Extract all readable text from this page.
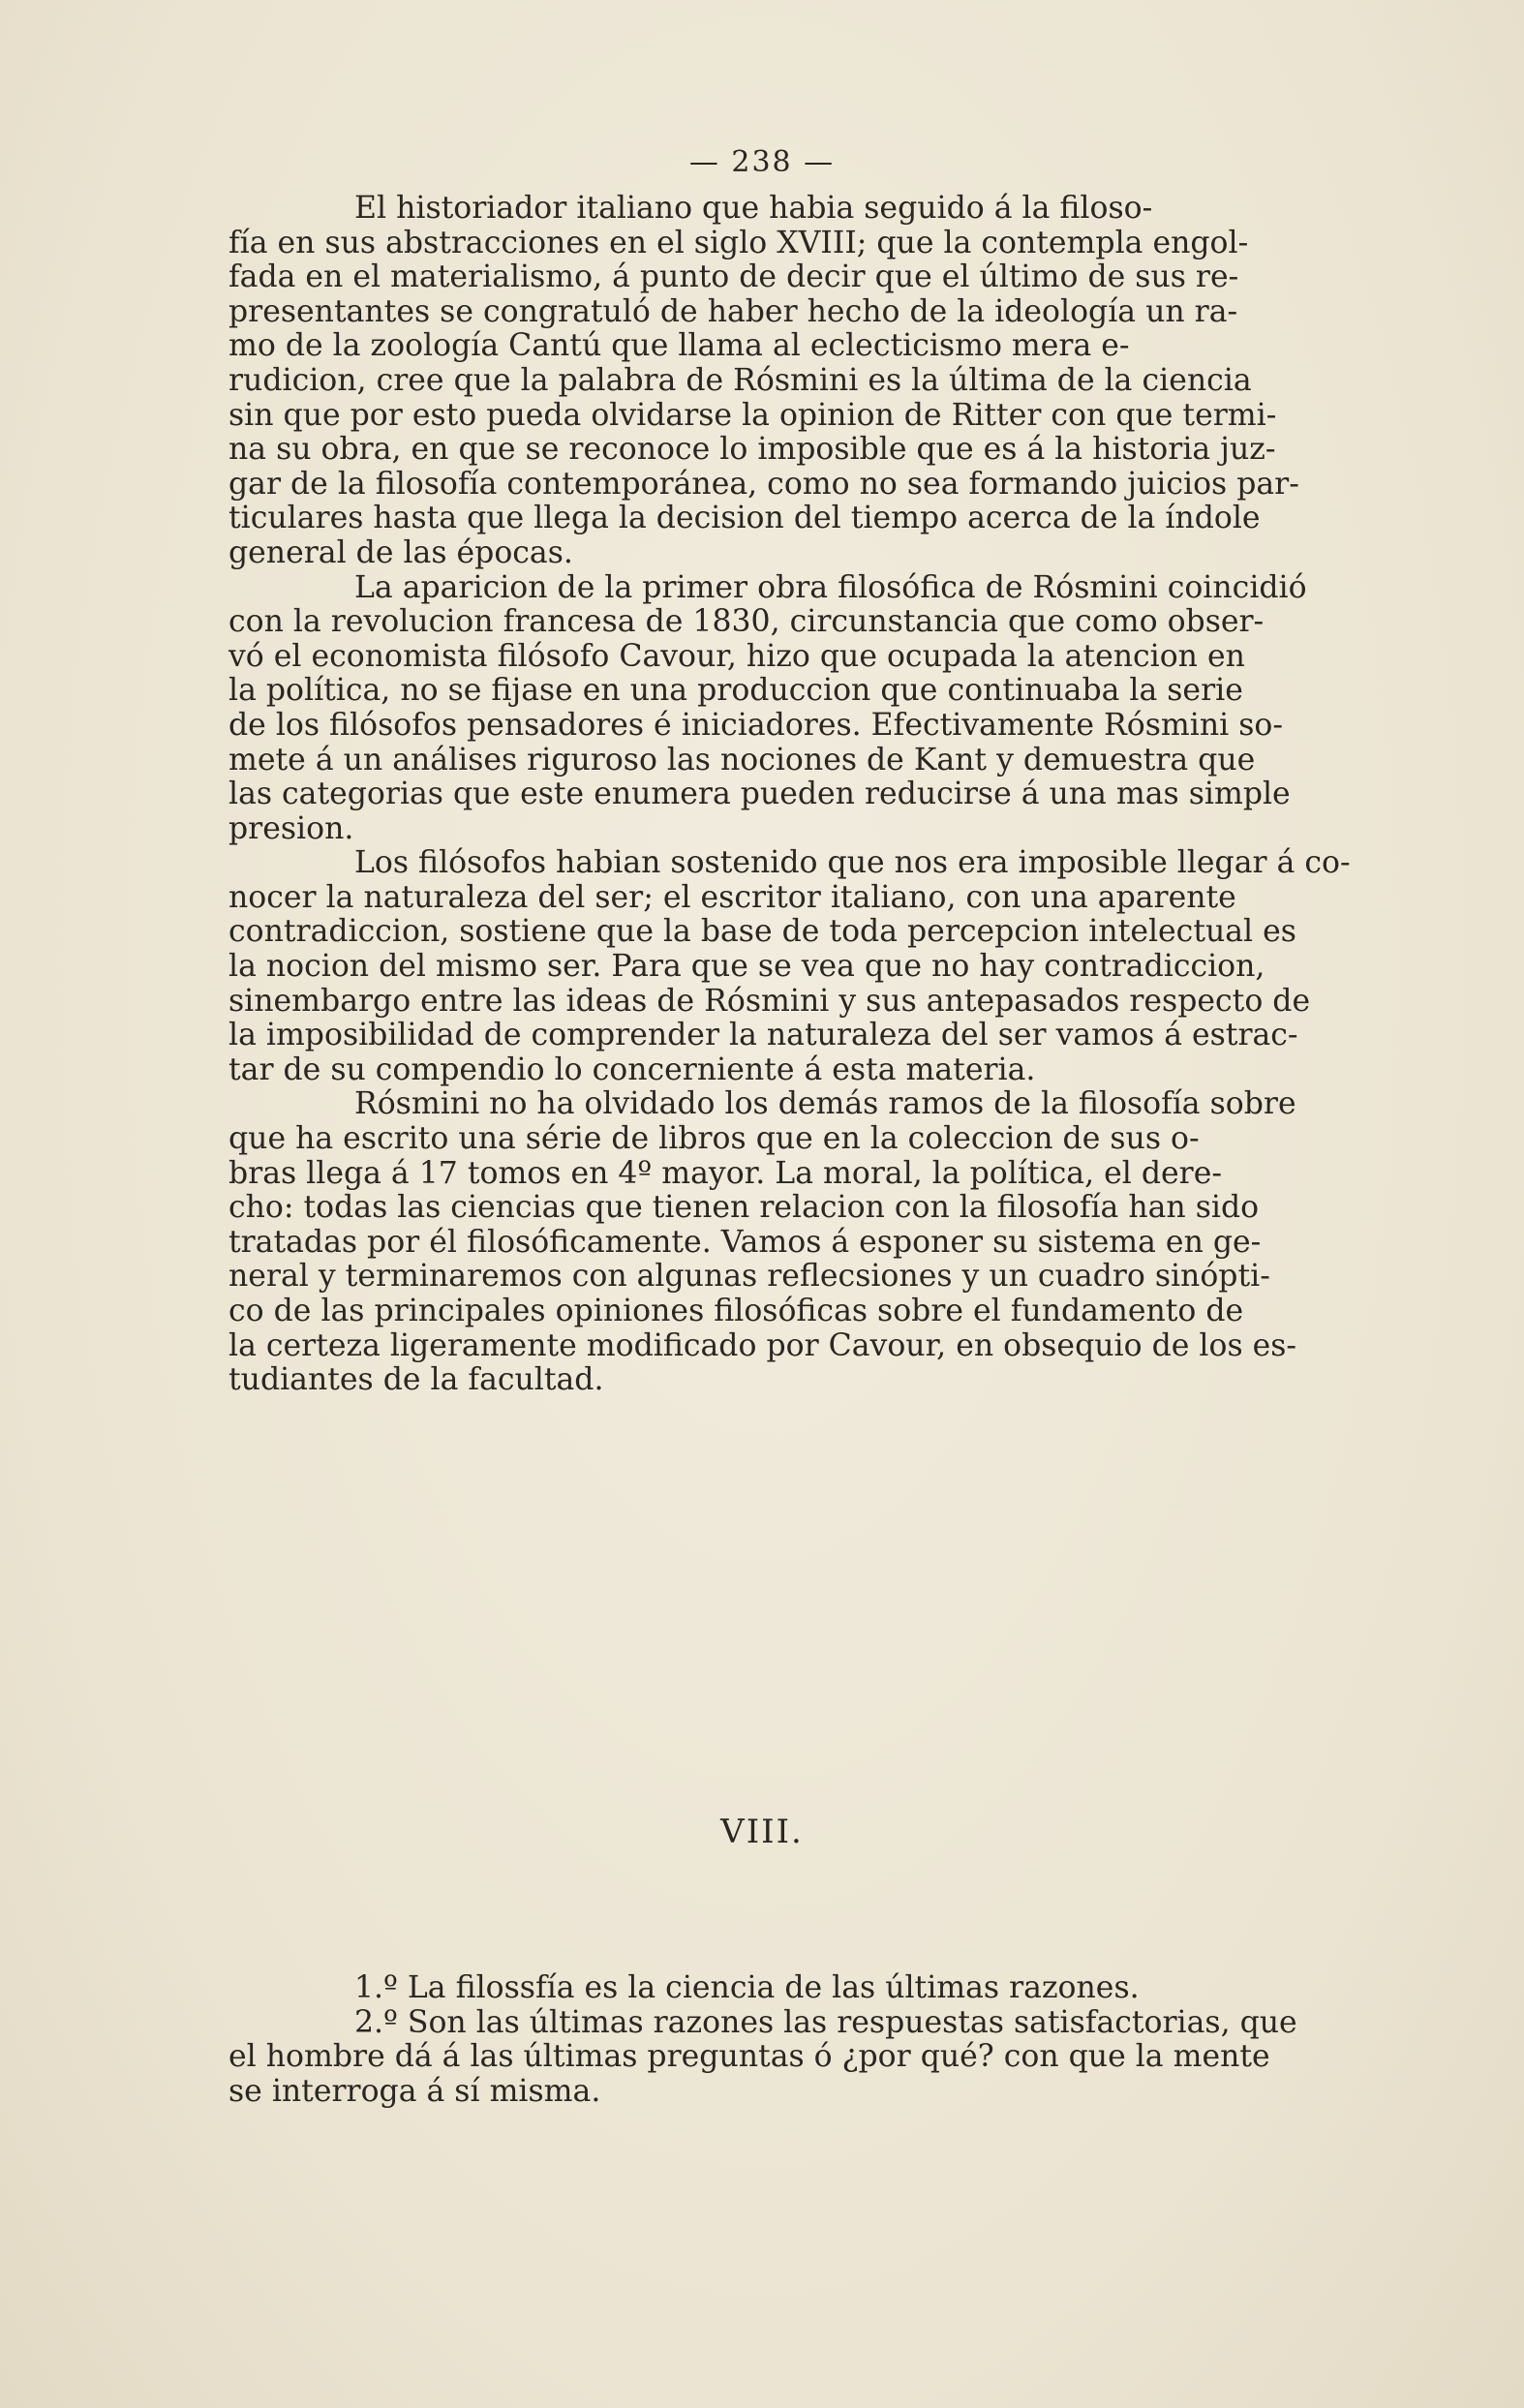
— 238 —

El historiador italiano que habia seguido á la filoso-
fía en sus abstracciones en el siglo XVIII; que la contempla engol-
fada en el materialismo, á punto de decir que el último de sus re-
presentantes se congratuló de haber hecho de la ideología un ra-
mo de la zoología Cantú que llama al eclecticismo mera e-
rudicion, cree que la palabra de Rósmini es la última de la ciencia
sin que por esto pueda olvidarse la opinion de Ritter con que termi-
na su obra, en que se reconoce lo imposible que es á la historia juz-
gar de la filosofía contemporánea, como no sea formando juicios par-
ticulares hasta que llega la decision del tiempo acerca de la índole
general de las épocas.

La aparicion de la primer obra filosófica de Rósmini coincidió
con la revolucion francesa de 1830, circunstancia que como obser-
vó el economista filósofo Cavour, hizo que ocupada la atencion en
la política, no se fijase en una produccion que continuaba la serie
de los filósofos pensadores é iniciadores. Efectivamente Rósmini so-
mete á un análises riguroso las nociones de Kant y demuestra que
las categorias que este enumera pueden reducirse á una mas simple
presion.

Los filósofos habian sostenido que nos era imposible llegar á co-
nocer la naturaleza del ser; el escritor italiano, con una aparente
contradiccion, sostiene que la base de toda percepcion intelectual es
la nocion del mismo ser. Para que se vea que no hay contradiccion,
sinembargo entre las ideas de Rósmini y sus antepasados respecto de
la imposibilidad de comprender la naturaleza del ser vamos á estrac-
tar de su compendio lo concerniente á esta materia.

Rósmini no ha olvidado los demás ramos de la filosofía sobre
que ha escrito una série de libros que en la coleccion de sus o-
bras llega á 17 tomos en 4º mayor. La moral, la política, el dere-
cho: todas las ciencias que tienen relacion con la filosofía han sido
tratadas por él filosóficamente. Vamos á esponer su sistema en ge-
neral y terminaremos con algunas reflecsiones y un cuadro sinópti-
co de las principales opiniones filosóficas sobre el fundamento de
la certeza ligeramente modificado por Cavour, en obsequio de los es-
tudiantes de la facultad.

VIII.

1.º La filossfía es la ciencia de las últimas razones.

2.º Son las últimas razones las respuestas satisfactorias, que
el hombre dá á las últimas preguntas ó ¿por qué? con que la mente
se interroga á sí misma.
